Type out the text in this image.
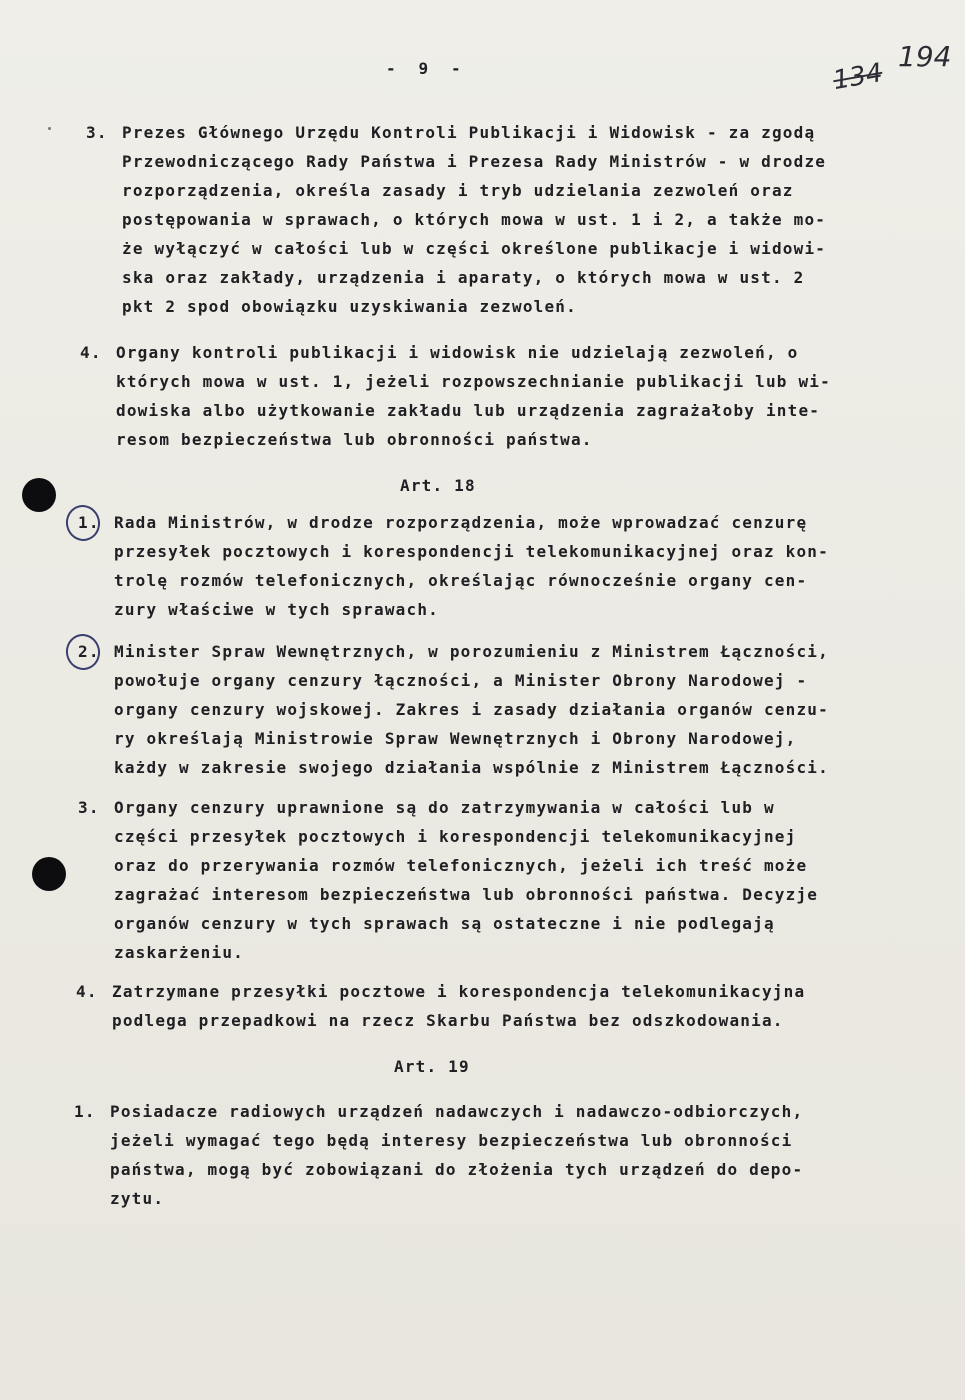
-  9  -	134
194
3. Prezes Głównego Urzędu Kontroli Publikacji i Widowisk - za zgodą
Przewodniczącego Rady Państwa i Prezesa Rady Ministrów - w drodze
rozporządzenia, określa zasady i tryb udzielania zezwoleń oraz
postępowania w sprawach, o których mowa w ust. 1 i 2, a także mo-
że wyłączyć w całości lub w części określone publikacje i widowi-
ska oraz zakłady, urządzenia i aparaty, o których mowa w ust. 2
pkt 2 spod obowiązku uzyskiwania zezwoleń.
4. Organy kontroli publikacji i widowisk nie udzielają zezwoleń, o
których mowa w ust. 1, jeżeli rozpowszechnianie publikacji lub wi-
dowiska albo użytkowanie zakładu lub urządzenia zagrażałoby inte-
resom bezpieczeństwa lub obronności państwa.
Art. 18
1. Rada Ministrów, w drodze rozporządzenia, może wprowadzać cenzurę
przesyłek pocztowych i korespondencji telekomunikacyjnej oraz kon-
trolę rozmów telefonicznych, określając równocześnie organy cen-
zury właściwe w tych sprawach.
2. Minister Spraw Wewnętrznych, w porozumieniu z Ministrem Łączności,
powołuje organy cenzury łączności, a Minister Obrony Narodowej -
organy cenzury wojskowej. Zakres i zasady działania organów cenzu-
ry określają Ministrowie Spraw Wewnętrznych i Obrony Narodowej,
każdy w zakresie swojego działania wspólnie z Ministrem Łączności.
3. Organy cenzury uprawnione są do zatrzymywania w całości lub w
części przesyłek pocztowych i korespondencji telekomunikacyjnej
oraz do przerywania rozmów telefonicznych, jeżeli ich treść może
zagrażać interesom bezpieczeństwa lub obronności państwa. Decyzje
organów cenzury w tych sprawach są ostateczne i nie podlegają
zaskarżeniu.
4. Zatrzymane przesyłki pocztowe i korespondencja telekomunikacyjna
podlega przepadkowi na rzecz Skarbu Państwa bez odszkodowania.
Art. 19
1. Posiadacze radiowych urządzeń nadawczych i nadawczo-odbiorczych,
jeżeli wymagać tego będą interesy bezpieczeństwa lub obronności
państwa, mogą być zobowiązani do złożenia tych urządzeń do depo-
zytu.
